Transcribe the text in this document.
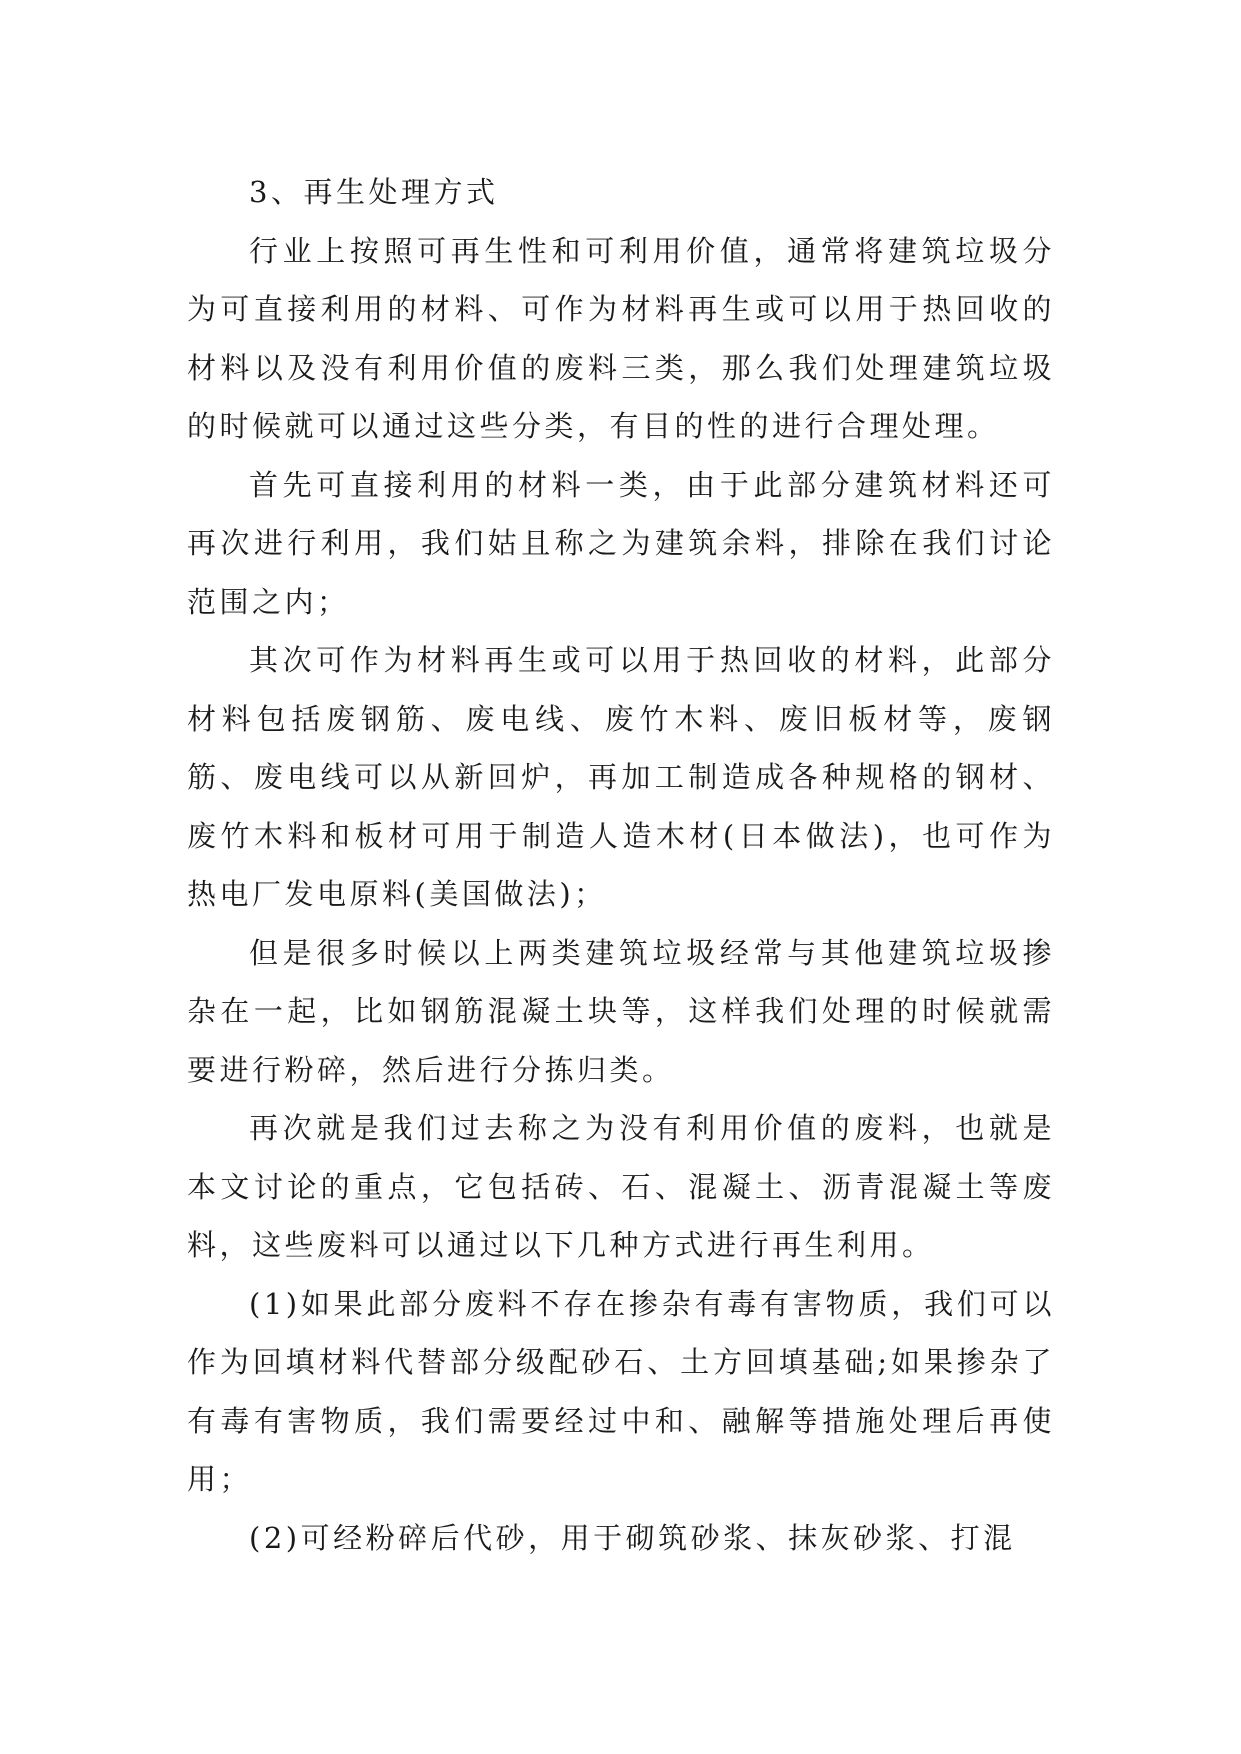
3、再生处理方式

行业上按照可再生性和可利用价值，通常将建筑垃圾分为可直接利用的材料、可作为材料再生或可以用于热回收的材料以及没有利用价值的废料三类，那么我们处理建筑垃圾的时候就可以通过这些分类，有目的性的进行合理处理。

首先可直接利用的材料一类，由于此部分建筑材料还可再次进行利用，我们姑且称之为建筑余料，排除在我们讨论范围之内；

其次可作为材料再生或可以用于热回收的材料，此部分材料包括废钢筋、废电线、废竹木料、废旧板材等，废钢筋、废电线可以从新回炉，再加工制造成各种规格的钢材、废竹木料和板材可用于制造人造木材(日本做法)，也可作为热电厂发电原料(美国做法)；

但是很多时候以上两类建筑垃圾经常与其他建筑垃圾掺杂在一起，比如钢筋混凝土块等，这样我们处理的时候就需要进行粉碎，然后进行分拣归类。

再次就是我们过去称之为没有利用价值的废料，也就是本文讨论的重点，它包括砖、石、混凝土、沥青混凝土等废料，这些废料可以通过以下几种方式进行再生利用。

(1)如果此部分废料不存在掺杂有毒有害物质，我们可以作为回填材料代替部分级配砂石、土方回填基础;如果掺杂了有毒有害物质，我们需要经过中和、融解等措施处理后再使用；

(2)可经粉碎后代砂，用于砌筑砂浆、抹灰砂浆、打混
